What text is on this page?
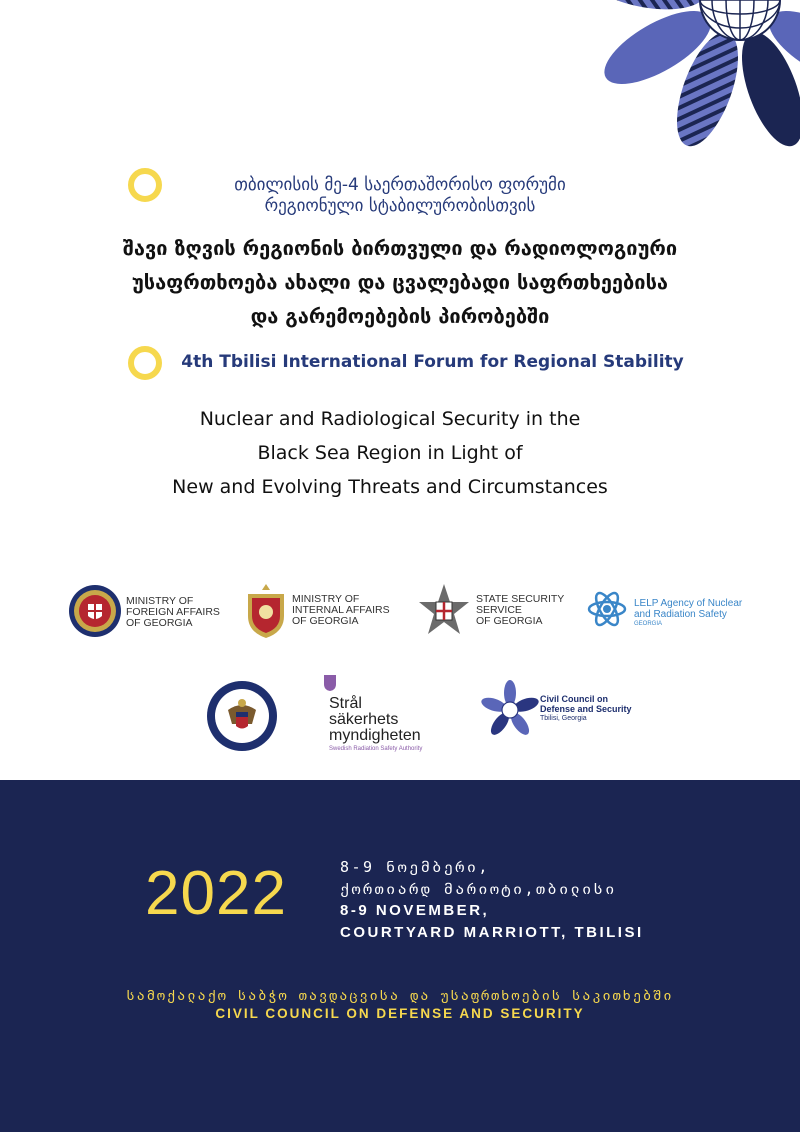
თბილისის მე-4 საერთაშორისო ფორუმი
რეგიონული სტაბილურობისთვის
შავი ზღვის რეგიონის ბირთვული და რადიოლოგიური
უსაფრთხოება ახალი და ცვალებადი საფრთხეებისა
და გარემოებების პირობებში
4th Tbilisi International Forum for Regional Stability
Nuclear and Radiological Security in the
Black Sea Region in Light of
New and Evolving Threats and Circumstances
MINISTRY OF
FOREIGN AFFAIRS
OF GEORGIA
MINISTRY OF
INTERNAL AFFAIRS
OF GEORGIA
STATE SECURITY
SERVICE
OF GEORGIA
LELP Agency of Nuclear
and Radiation Safety
GEORGIA
Strål
säkerhets
myndigheten
Swedish Radiation Safety Authority
Civil Council on
Defense and Security
Tbilisi, Georgia
2022	8-9 ნოემბერი,
ქორთიარდ მარიოტი,თბილისი
8-9 NOVEMBER,
COURTYARD MARRIOTT, TBILISI
სამოქალაქო საბჭო თავდაცვისა და უსაფრთხოების საკითხებში
CIVIL COUNCIL ON DEFENSE AND SECURITY
